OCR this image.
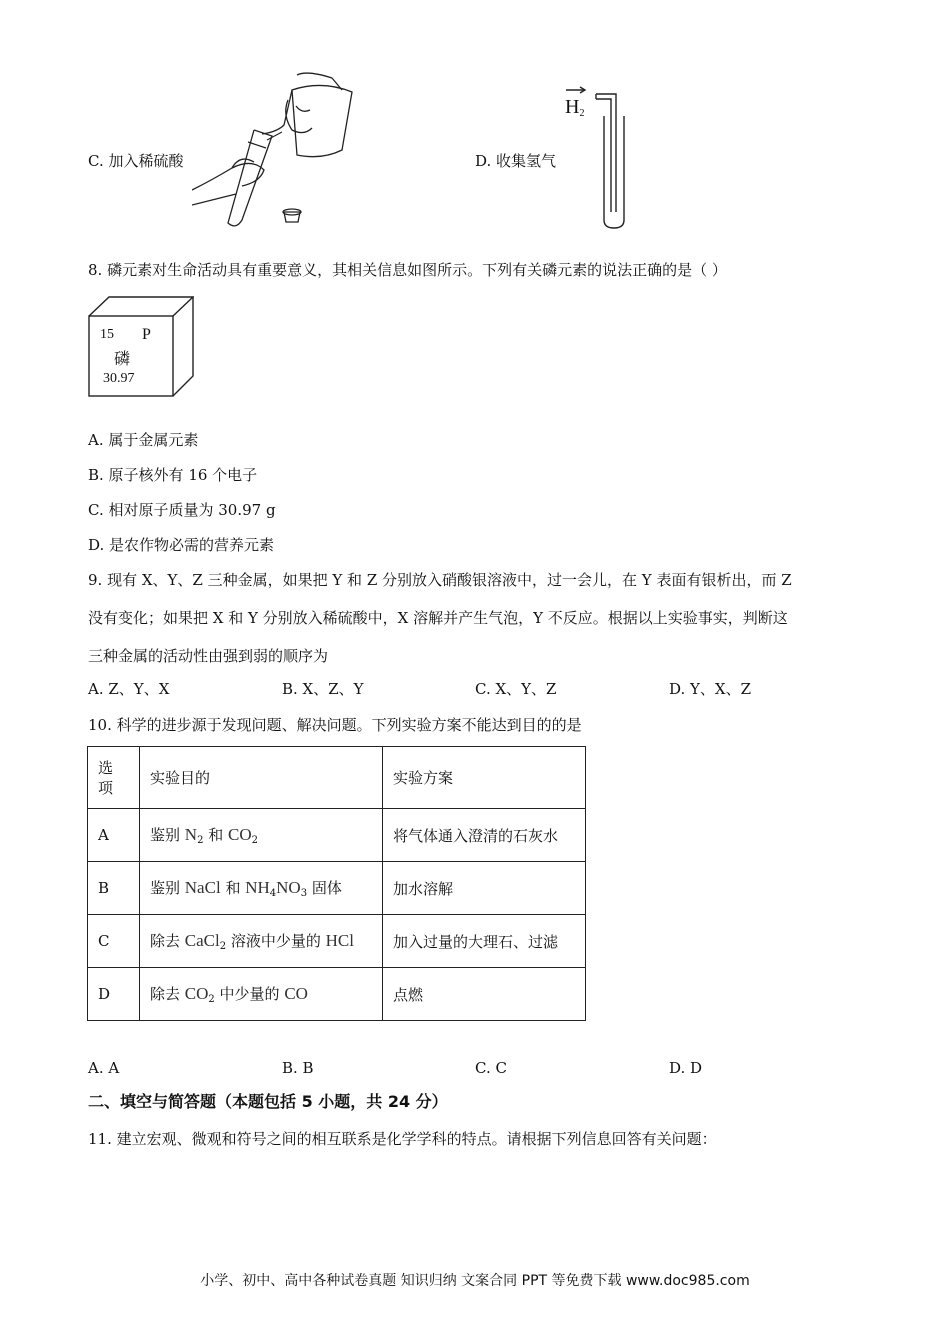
C. 加入稀硫酸	D. 收集氢气
$H_2$
8. 磷元素对生命活动具有重要意义，其相关信息如图所示。下列有关磷元素的说法正确的是（ ）
15 P
磷
30.97
A. 属于金属元素
B. 原子核外有 16 个电子
C. 相对原子质量为 30.97 g
D. 是农作物必需的营养元素
9. 现有 X、Y、Z 三种金属，如果把 Y 和 Z 分别放入硝酸银溶液中，过一会儿，在 Y 表面有银析出，而 Z
没有变化；如果把 X 和 Y 分别放入稀硫酸中，X 溶解并产生气泡，Y 不反应。根据以上实验事实，判断这
三种金属的活动性由强到弱的顺序为
A. Z、Y、X	B. X、Z、Y	C. X、Y、Z	D. Y、X、Z
10. 科学的进步源于发现问题、解决问题。下列实验方案不能达到目的的是
选
项	实验目的	实验方案
A	鉴别 $N_2$ 和 $CO_2$	将气体通入澄清的石灰水
B	鉴别 NaCl 和 $NH_4NO_3$ 固体	加水溶解
C	除去 CaCl$_2$ 溶液中少量的 HCl	加入过量的大理石、过滤
D	除去 $CO_2$ 中少量的 CO	点燃
A. A	B. B	C. C	D. D
二、填空与简答题（本题包括 5 小题，共 24 分）
11. 建立宏观、微观和符号之间的相互联系是化学学科的特点。请根据下列信息回答有关问题：
小学、初中、高中各种试卷真题 知识归纳 文案合同 PPT 等免费下载 www.doc985.com
